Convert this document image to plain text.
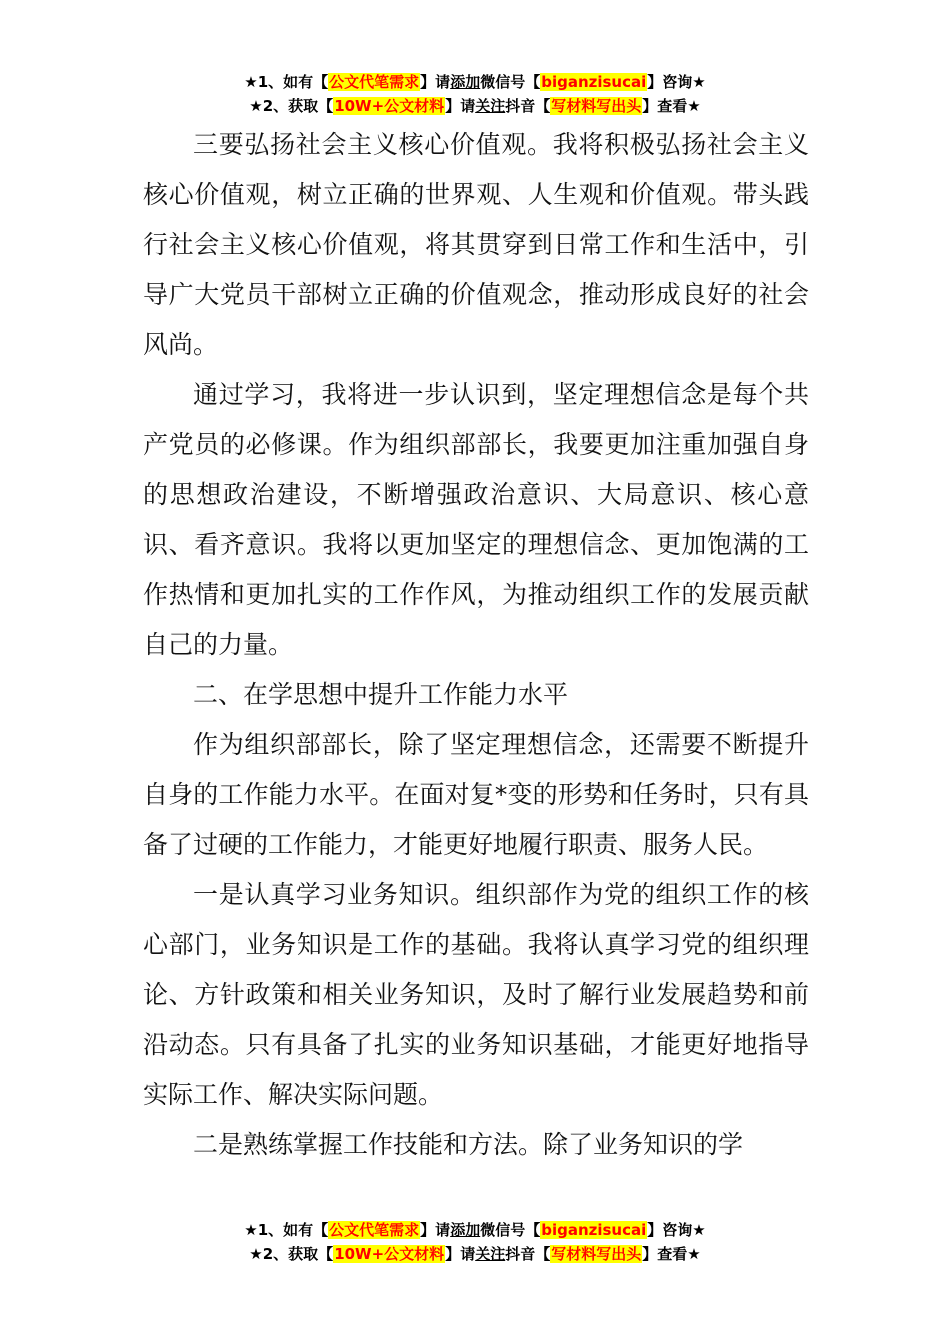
★1、如有【公文代笔需求】请添加微信号【biganzisucai】咨询★
★2、获取【10W+公文材料】请关注抖音【写材料写出头】查看★

三要弘扬社会主义核心价值观。我将积极弘扬社会主义核心价值观，树立正确的世界观、人生观和价值观。带头践行社会主义核心价值观，将其贯穿到日常工作和生活中，引导广大党员干部树立正确的价值观念，推动形成良好的社会风尚。

通过学习，我将进一步认识到，坚定理想信念是每个共产党员的必修课。作为组织部部长，我要更加注重加强自身的思想政治建设，不断增强政治意识、大局意识、核心意识、看齐意识。我将以更加坚定的理想信念、更加饱满的工作热情和更加扎实的工作作风，为推动组织工作的发展贡献自己的力量。

二、在学思想中提升工作能力水平

作为组织部部长，除了坚定理想信念，还需要不断提升自身的工作能力水平。在面对复*变的形势和任务时，只有具备了过硬的工作能力，才能更好地履行职责、服务人民。

一是认真学习业务知识。组织部作为党的组织工作的核心部门，业务知识是工作的基础。我将认真学习党的组织理论、方针政策和相关业务知识，及时了解行业发展趋势和前沿动态。只有具备了扎实的业务知识基础，才能更好地指导实际工作、解决实际问题。

二是熟练掌握工作技能和方法。除了业务知识的学

★1、如有【公文代笔需求】请添加微信号【biganzisucai】咨询★
★2、获取【10W+公文材料】请关注抖音【写材料写出头】查看★
